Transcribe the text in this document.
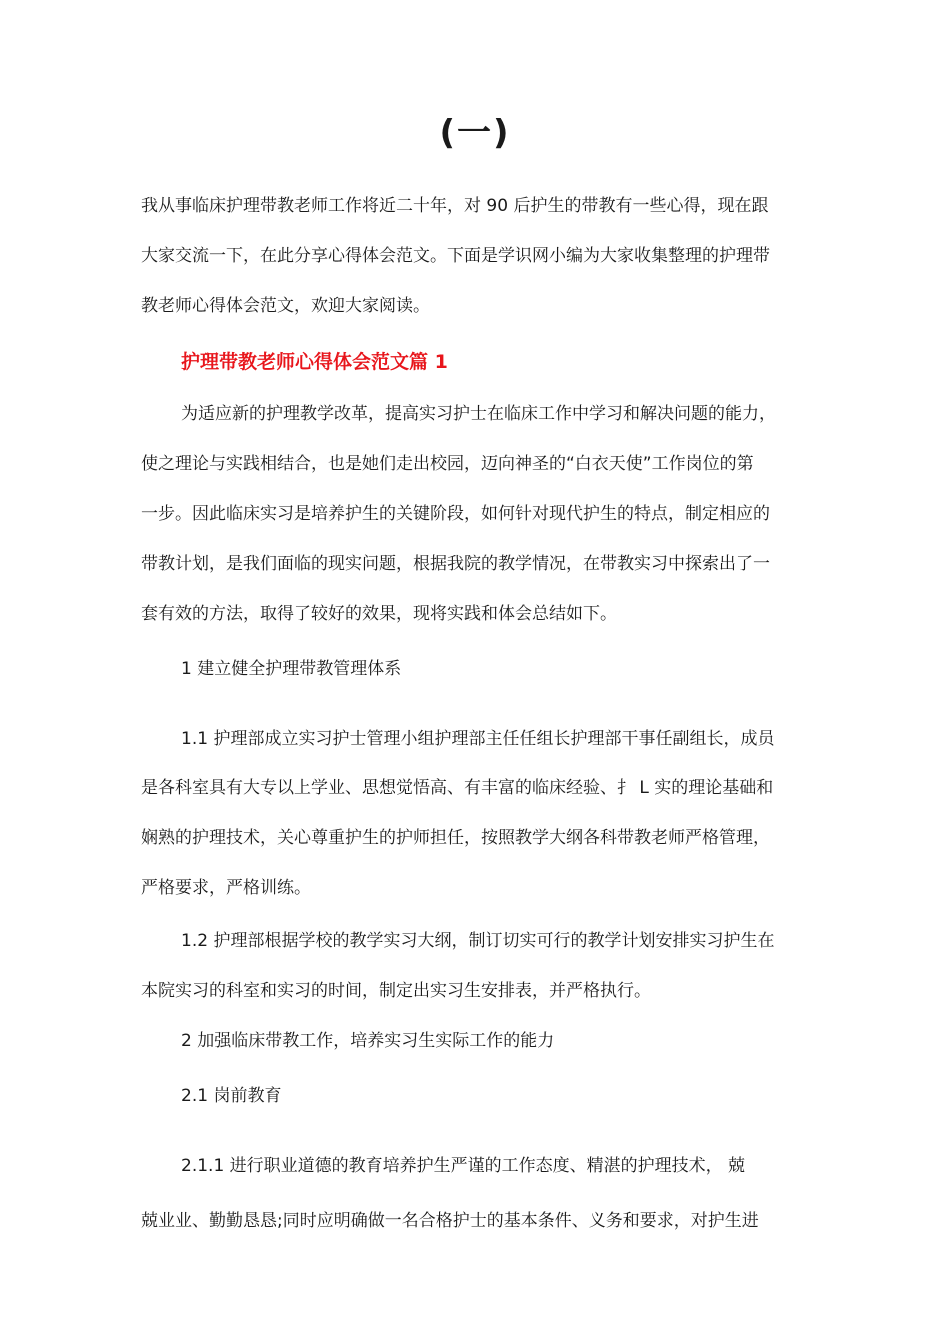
(一)
我从事临床护理带教老师工作将近二十年，对 90 后护生的带教有一些心得，现在跟
大家交流一下，在此分享心得体会范文。下面是学识网小编为大家收集整理的护理带
教老师心得体会范文，欢迎大家阅读。
护理带教老师心得体会范文篇 1
为适应新的护理教学改革，提高实习护士在临床工作中学习和解决问题的能力，
使之理论与实践相结合，也是她们走出校园，迈向神圣的“白衣天使”工作岗位的第
一步。因此临床实习是培养护生的关键阶段，如何针对现代护生的特点，制定相应的
带教计划，是我们面临的现实问题，根据我院的教学情况，在带教实习中探索出了一
套有效的方法，取得了较好的效果，现将实践和体会总结如下。
1 建立健全护理带教管理体系
1.1 护理部成立实习护士管理小组护理部主任任组长护理部干事任副组长，成员
是各科室具有大专以上学业、思想觉悟高、有丰富的临床经验、扌 L 实的理论基础和
娴熟的护理技术，关心尊重护生的护师担任，按照教学大纲各科带教老师严格管理，
严格要求，严格训练。
1.2 护理部根据学校的教学实习大纲，制订切实可行的教学计划安排实习护生在
本院实习的科室和实习的时间，制定出实习生安排表，并严格执行。
2 加强临床带教工作，培养实习生实际工作的能力
2.1 岗前教育
2.1.1 进行职业道德的教育培养护生严谨的工作态度、精湛的护理技术， 兢
兢业业、勤勤恳恳;同时应明确做一名合格护士的基本条件、义务和要求，对护生进
